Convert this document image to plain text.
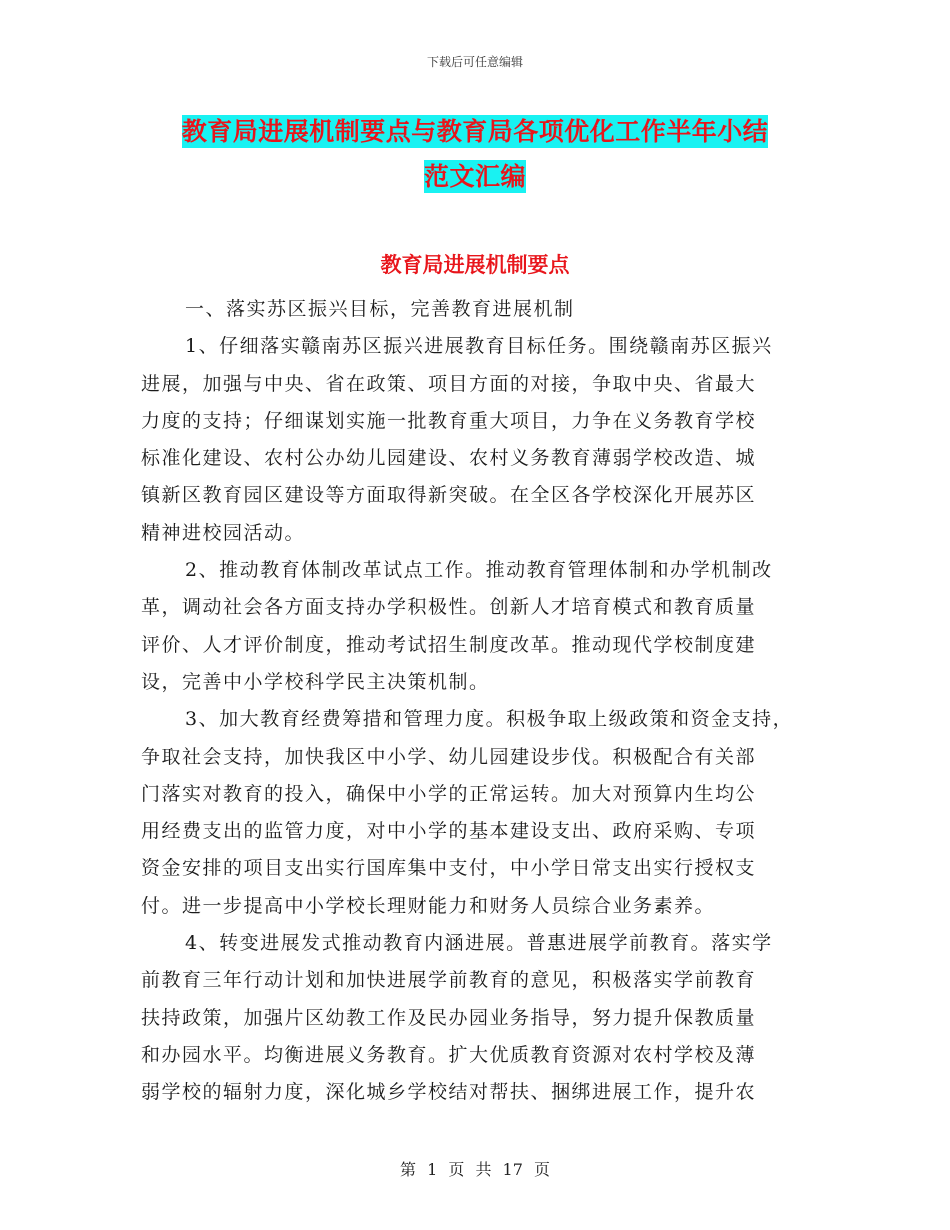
下载后可任意编辑
教育局进展机制要点与教育局各项优化工作半年小结
范文汇编
教育局进展机制要点
一、落实苏区振兴目标，完善教育进展机制
1、仔细落实赣南苏区振兴进展教育目标任务。围绕赣南苏区振兴
进展，加强与中央、省在政策、项目方面的对接，争取中央、省最大
力度的支持；仔细谋划实施一批教育重大项目，力争在义务教育学校
标准化建设、农村公办幼儿园建设、农村义务教育薄弱学校改造、城
镇新区教育园区建设等方面取得新突破。在全区各学校深化开展苏区
精神进校园活动。
2、推动教育体制改革试点工作。推动教育管理体制和办学机制改
革，调动社会各方面支持办学积极性。创新人才培育模式和教育质量
评价、人才评价制度，推动考试招生制度改革。推动现代学校制度建
设，完善中小学校科学民主决策机制。
3、加大教育经费筹措和管理力度。积极争取上级政策和资金支持，
争取社会支持，加快我区中小学、幼儿园建设步伐。积极配合有关部
门落实对教育的投入，确保中小学的正常运转。加大对预算内生均公
用经费支出的监管力度，对中小学的基本建设支出、政府采购、专项
资金安排的项目支出实行国库集中支付，中小学日常支出实行授权支
付。进一步提高中小学校长理财能力和财务人员综合业务素养。
4、转变进展发式推动教育内涵进展。普惠进展学前教育。落实学
前教育三年行动计划和加快进展学前教育的意见，积极落实学前教育
扶持政策，加强片区幼教工作及民办园业务指导，努力提升保教质量
和办园水平。均衡进展义务教育。扩大优质教育资源对农村学校及薄
弱学校的辐射力度，深化城乡学校结对帮扶、捆绑进展工作，提升农
第 1 页 共 17 页
